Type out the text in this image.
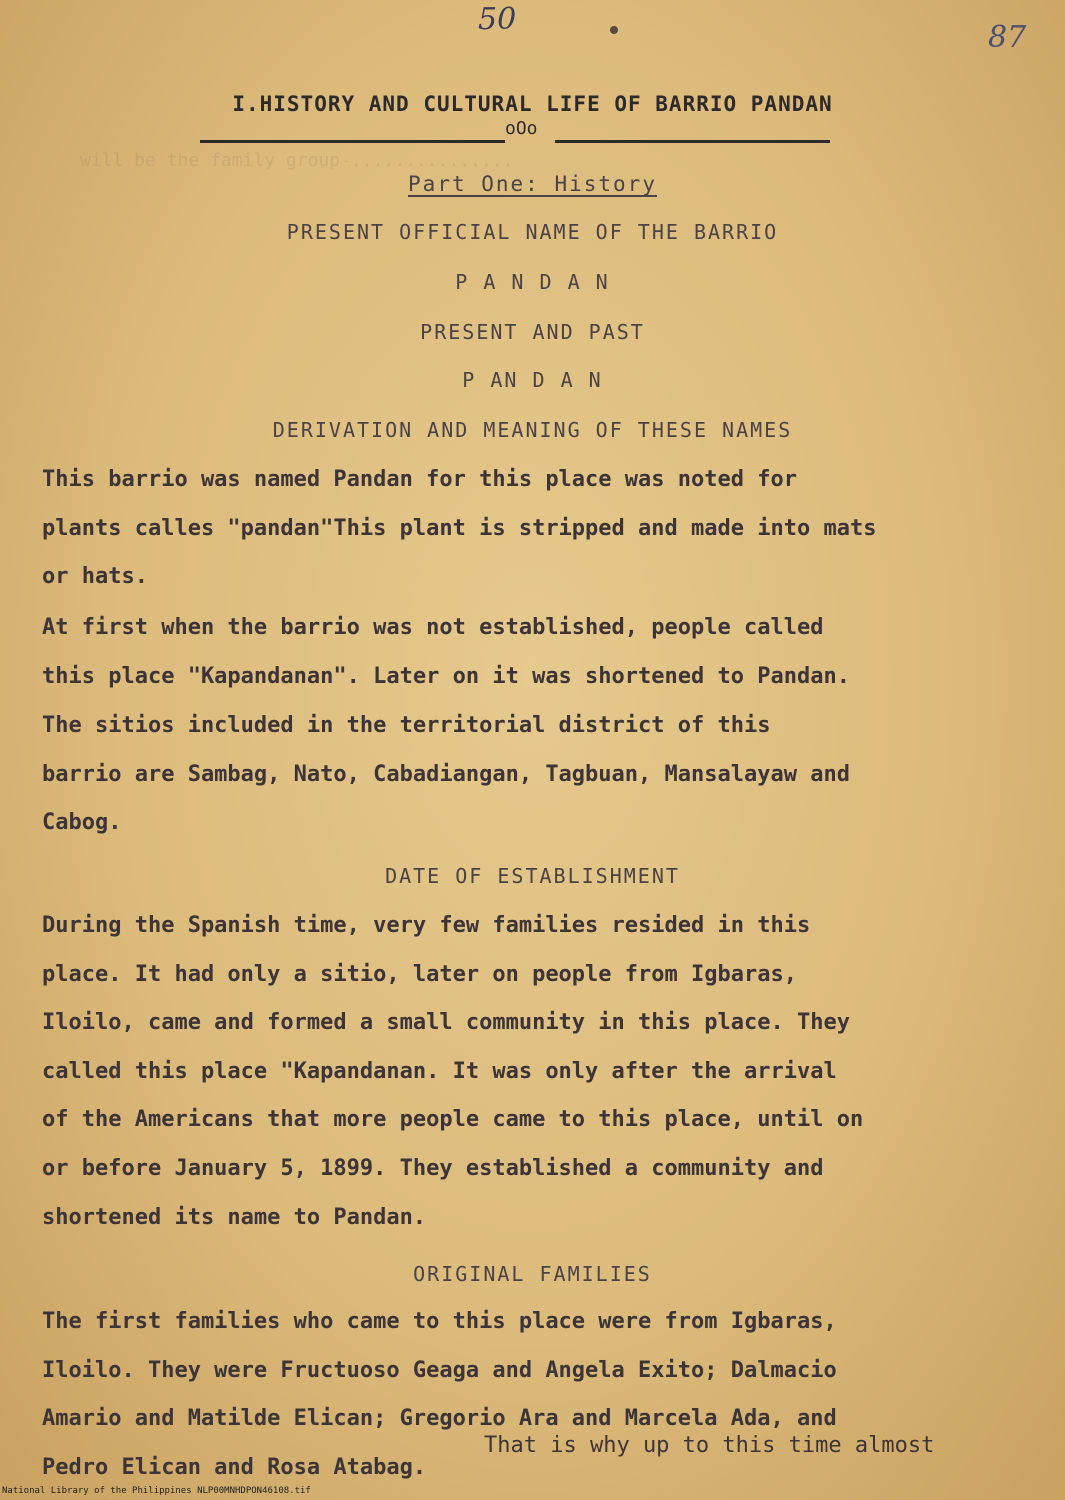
will be the family group-...............
50
87
I.HISTORY AND CULTURAL LIFE OF BARRIO PANDAN
oOo
Part One: History
PRESENT OFFICIAL NAME OF THE BARRIO
P A N D A N
PRESENT AND PAST
P AN D A N
DERIVATION AND MEANING OF THESE NAMES
This barrio was named Pandan for this place was noted for
plants calles "pandan"This plant is stripped and made into mats
or hats.
At first when the barrio was not established, people called
this place "Kapandanan". Later on it was shortened to Pandan.
The sitios included in the territorial district of this
barrio are Sambag, Nato, Cabadiangan, Tagbuan, Mansalayaw and
Cabog.
DATE OF ESTABLISHMENT
During the Spanish time, very few families resided in this
place. It had only a sitio, later on people from Igbaras,
Iloilo, came and formed a small community in this place. They
called this place "Kapandanan. It was only after the arrival
of the Americans that more people came to this place, until on
or before January 5, 1899. They established a community and
shortened its name to Pandan.
ORIGINAL FAMILIES
The first families who came to this place were from Igbaras,
Iloilo. They were Fructuoso Geaga and Angela Exito; Dalmacio
Amario and Matilde Elican; Gregorio Ara and Marcela Ada, and
Pedro Elican and Rosa Atabag.
That is why up to this time almost
National Library of the Philippines NLP00MNHDPON46108.tif
